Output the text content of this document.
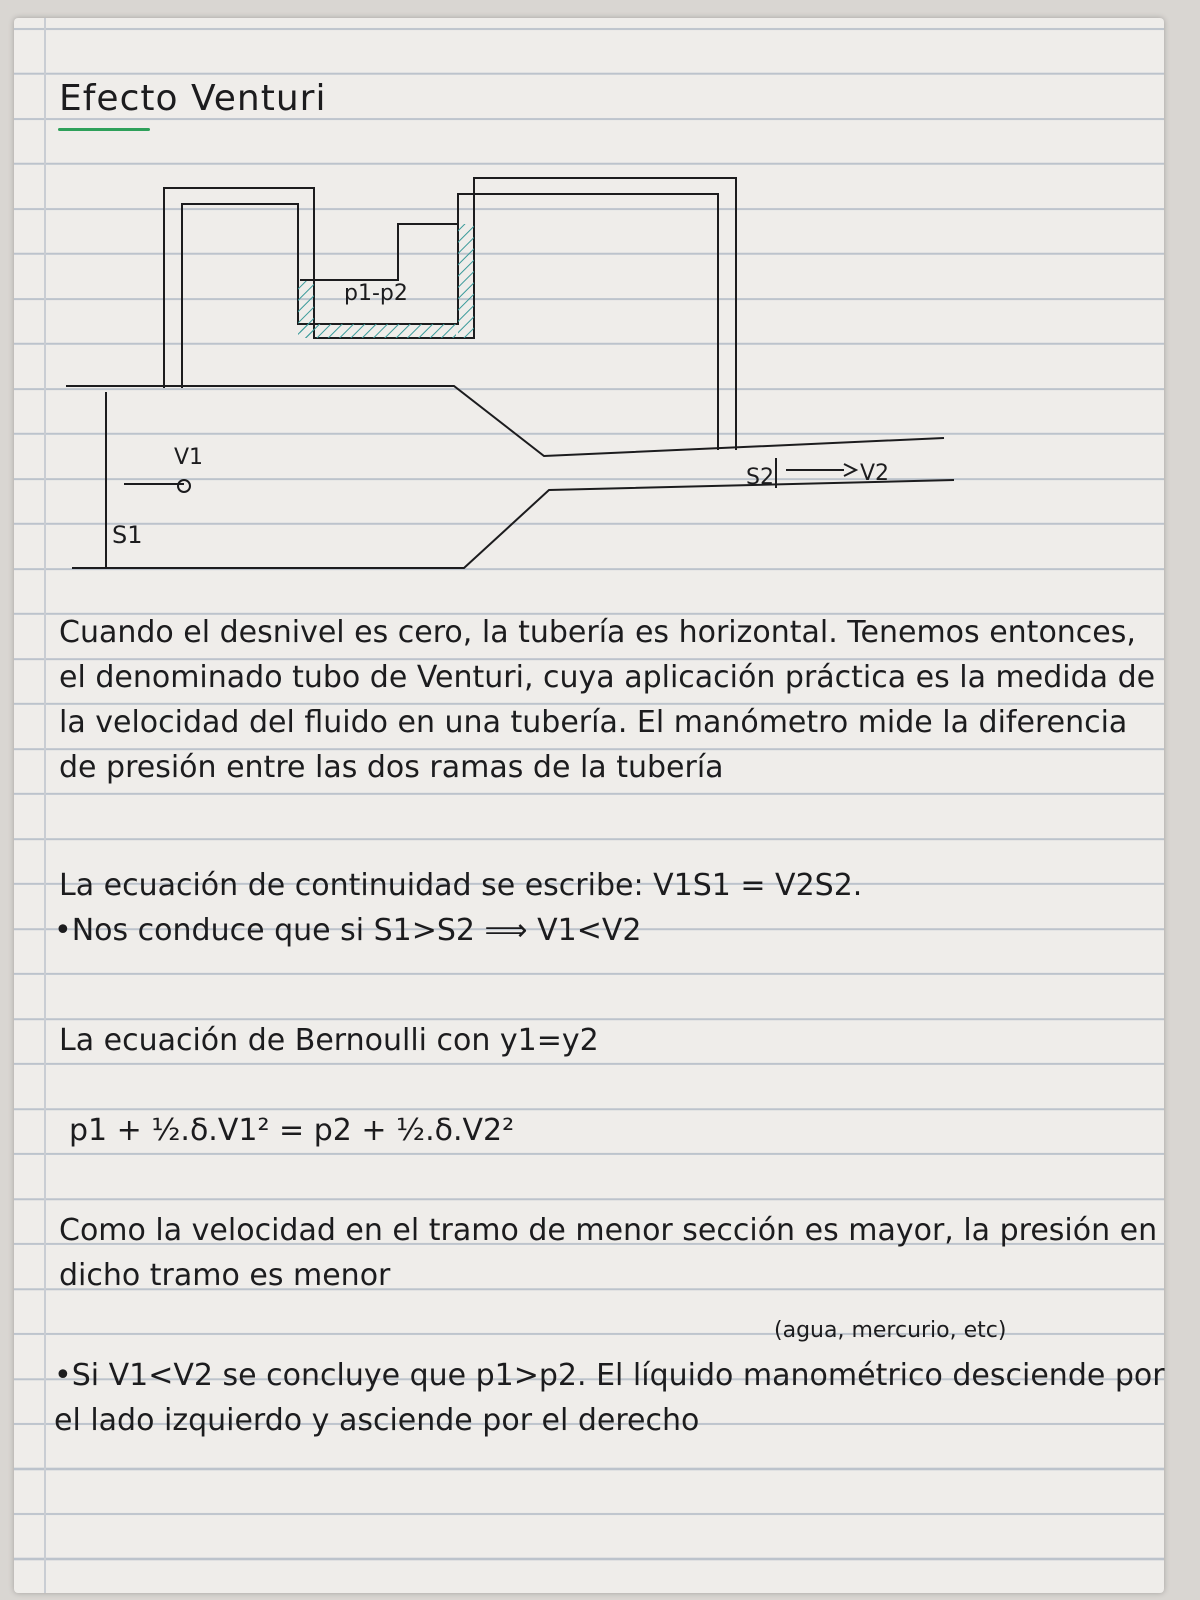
Efecto Venturi
p1-p2
V1
S1
S2	V2
Cuando el desnivel es cero, la tubería es horizontal. Tenemos entonces,
el denominado tubo de Venturi, cuya aplicación práctica es la medida de
la velocidad del fluido en una tubería. El manómetro mide la diferencia
de presión entre las dos ramas de la tubería
La ecuación de continuidad se escribe: V1S1 = V2S2.
•Nos conduce que si S1>S2 ⟹ V1<V2
La ecuación de Bernoulli con y1=y2
p1 + ½.δ.V1² = p2 + ½.δ.V2²
Como la velocidad en el tramo de menor sección es mayor, la presión en
dicho tramo es menor
(agua, mercurio, etc)
•Si V1<V2 se concluye que p1>p2. El líquido manométrico desciende por
el lado izquierdo y asciende por el derecho
